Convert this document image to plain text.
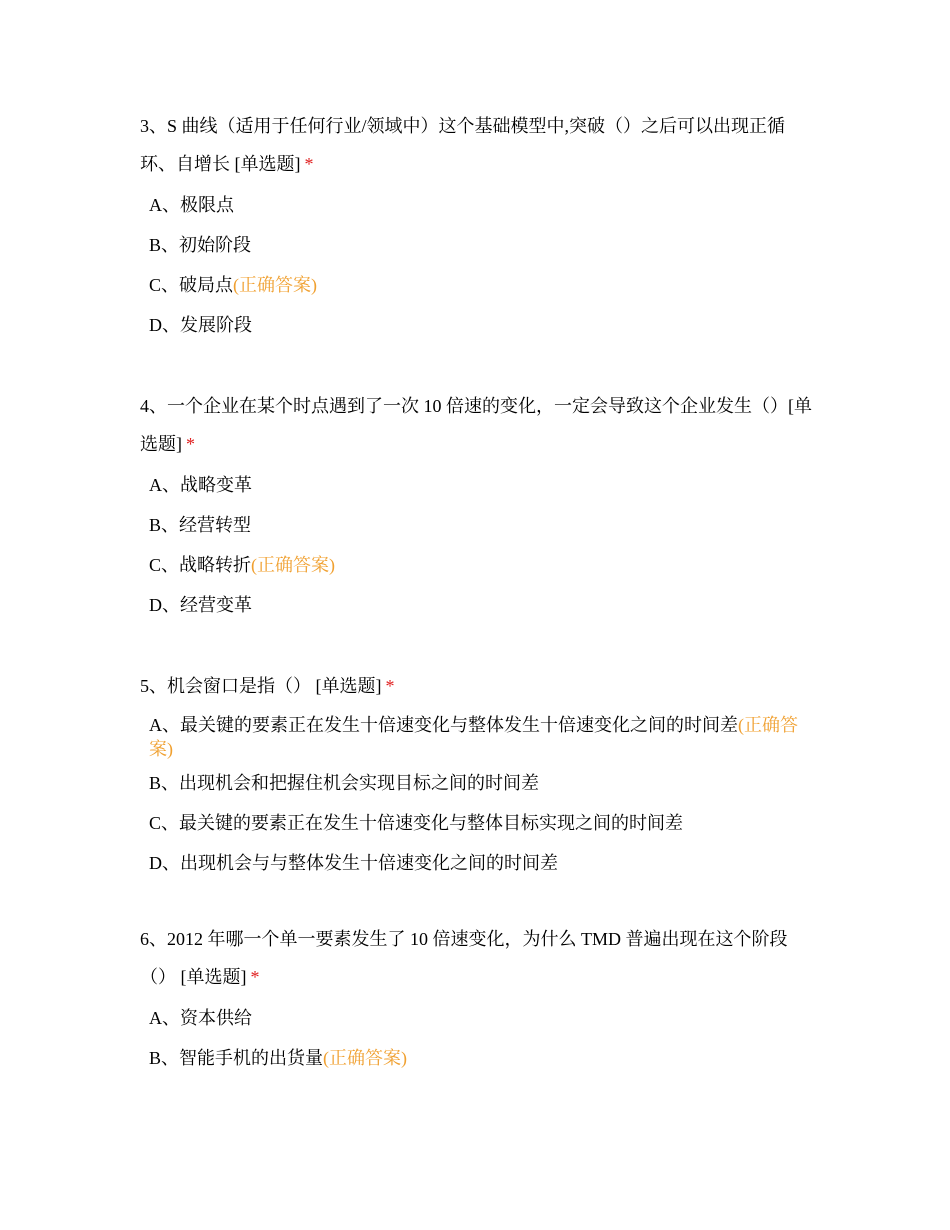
3、S 曲线（适用于任何行业/领域中）这个基础模型中,突破（）之后可以出现正循环、自增长 [单选题] *

A、极限点
B、初始阶段
C、破局点(正确答案)
D、发展阶段

4、一个企业在某个时点遇到了一次 10 倍速的变化，一定会导致这个企业发生（）[单选题] *

A、战略变革
B、经营转型
C、战略转折(正确答案)
D、经营变革

5、机会窗口是指（） [单选题] *

A、最关键的要素正在发生十倍速变化与整体发生十倍速变化之间的时间差(正确答案)
B、出现机会和把握住机会实现目标之间的时间差
C、最关键的要素正在发生十倍速变化与整体目标实现之间的时间差
D、出现机会与与整体发生十倍速变化之间的时间差

6、2012 年哪一个单一要素发生了 10 倍速变化，为什么 TMD 普遍出现在这个阶段（） [单选题] *

A、资本供给
B、智能手机的出货量(正确答案)
